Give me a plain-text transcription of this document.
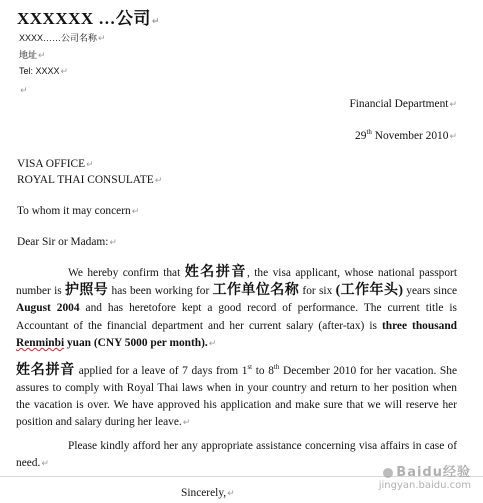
XXXXXX …公司↵
XXXX……公司名称↵
地址↵
Tel: XXXX↵
↵
Financial Department↵
29th November 2010↵
VISA OFFICE↵
ROYAL THAI CONSULATE↵
To whom it may concern↵
Dear Sir or Madam:↵

We hereby confirm that 姓名拼音, the visa applicant, whose national passport number is 护照号 has been working for 工作单位名称 for six (工作年头) years since August 2004 and has heretofore kept a good record of performance. The current title is Accountant of the financial department and her current salary (after-tax) is three thousand Renminbi yuan (CNY 5000 per month).↵

姓名拼音 applied for a leave of 7 days from 1st to 8th December 2010 for her vacation. She assures to comply with Royal Thai laws when in your country and return to her position when the vacation is over. We have approved his application and make sure that we will reserve her position and salary during her leave.↵

Please kindly afford her any appropriate assistance concerning visa affairs in case of need.↵

Sincerely,↵
Baidu经验
jingyan.baidu.com
